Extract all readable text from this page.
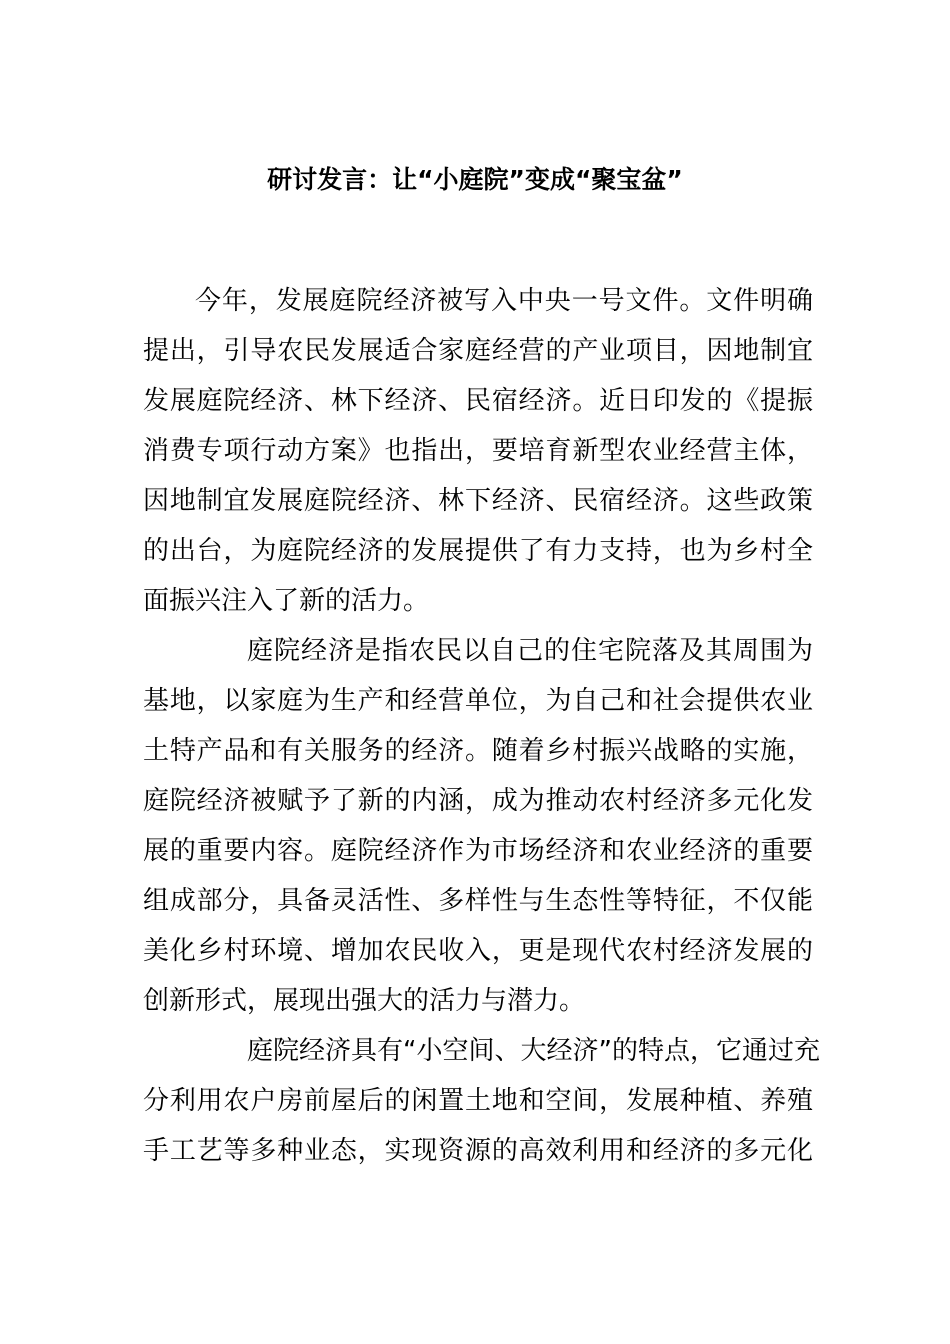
研讨发言：让“小庭院”变成“聚宝盆”
今年，发展庭院经济被写入中央一号文件。文件明确
提出，引导农民发展适合家庭经营的产业项目，因地制宜
发展庭院经济、林下经济、民宿经济。近日印发的《提振
消费专项行动方案》也指出，要培育新型农业经营主体，
因地制宜发展庭院经济、林下经济、民宿经济。这些政策
的出台，为庭院经济的发展提供了有力支持，也为乡村全
面振兴注入了新的活力。
庭院经济是指农民以自己的住宅院落及其周围为
基地，以家庭为生产和经营单位，为自己和社会提供农业
土特产品和有关服务的经济。随着乡村振兴战略的实施，
庭院经济被赋予了新的内涵，成为推动农村经济多元化发
展的重要内容。庭院经济作为市场经济和农业经济的重要
组成部分，具备灵活性、多样性与生态性等特征，不仅能
美化乡村环境、增加农民收入，更是现代农村经济发展的
创新形式，展现出强大的活力与潜力。
庭院经济具有“小空间、大经济”的特点，它通过充
分利用农户房前屋后的闲置土地和空间，发展种植、养殖
手工艺等多种业态，实现资源的高效利用和经济的多元化
